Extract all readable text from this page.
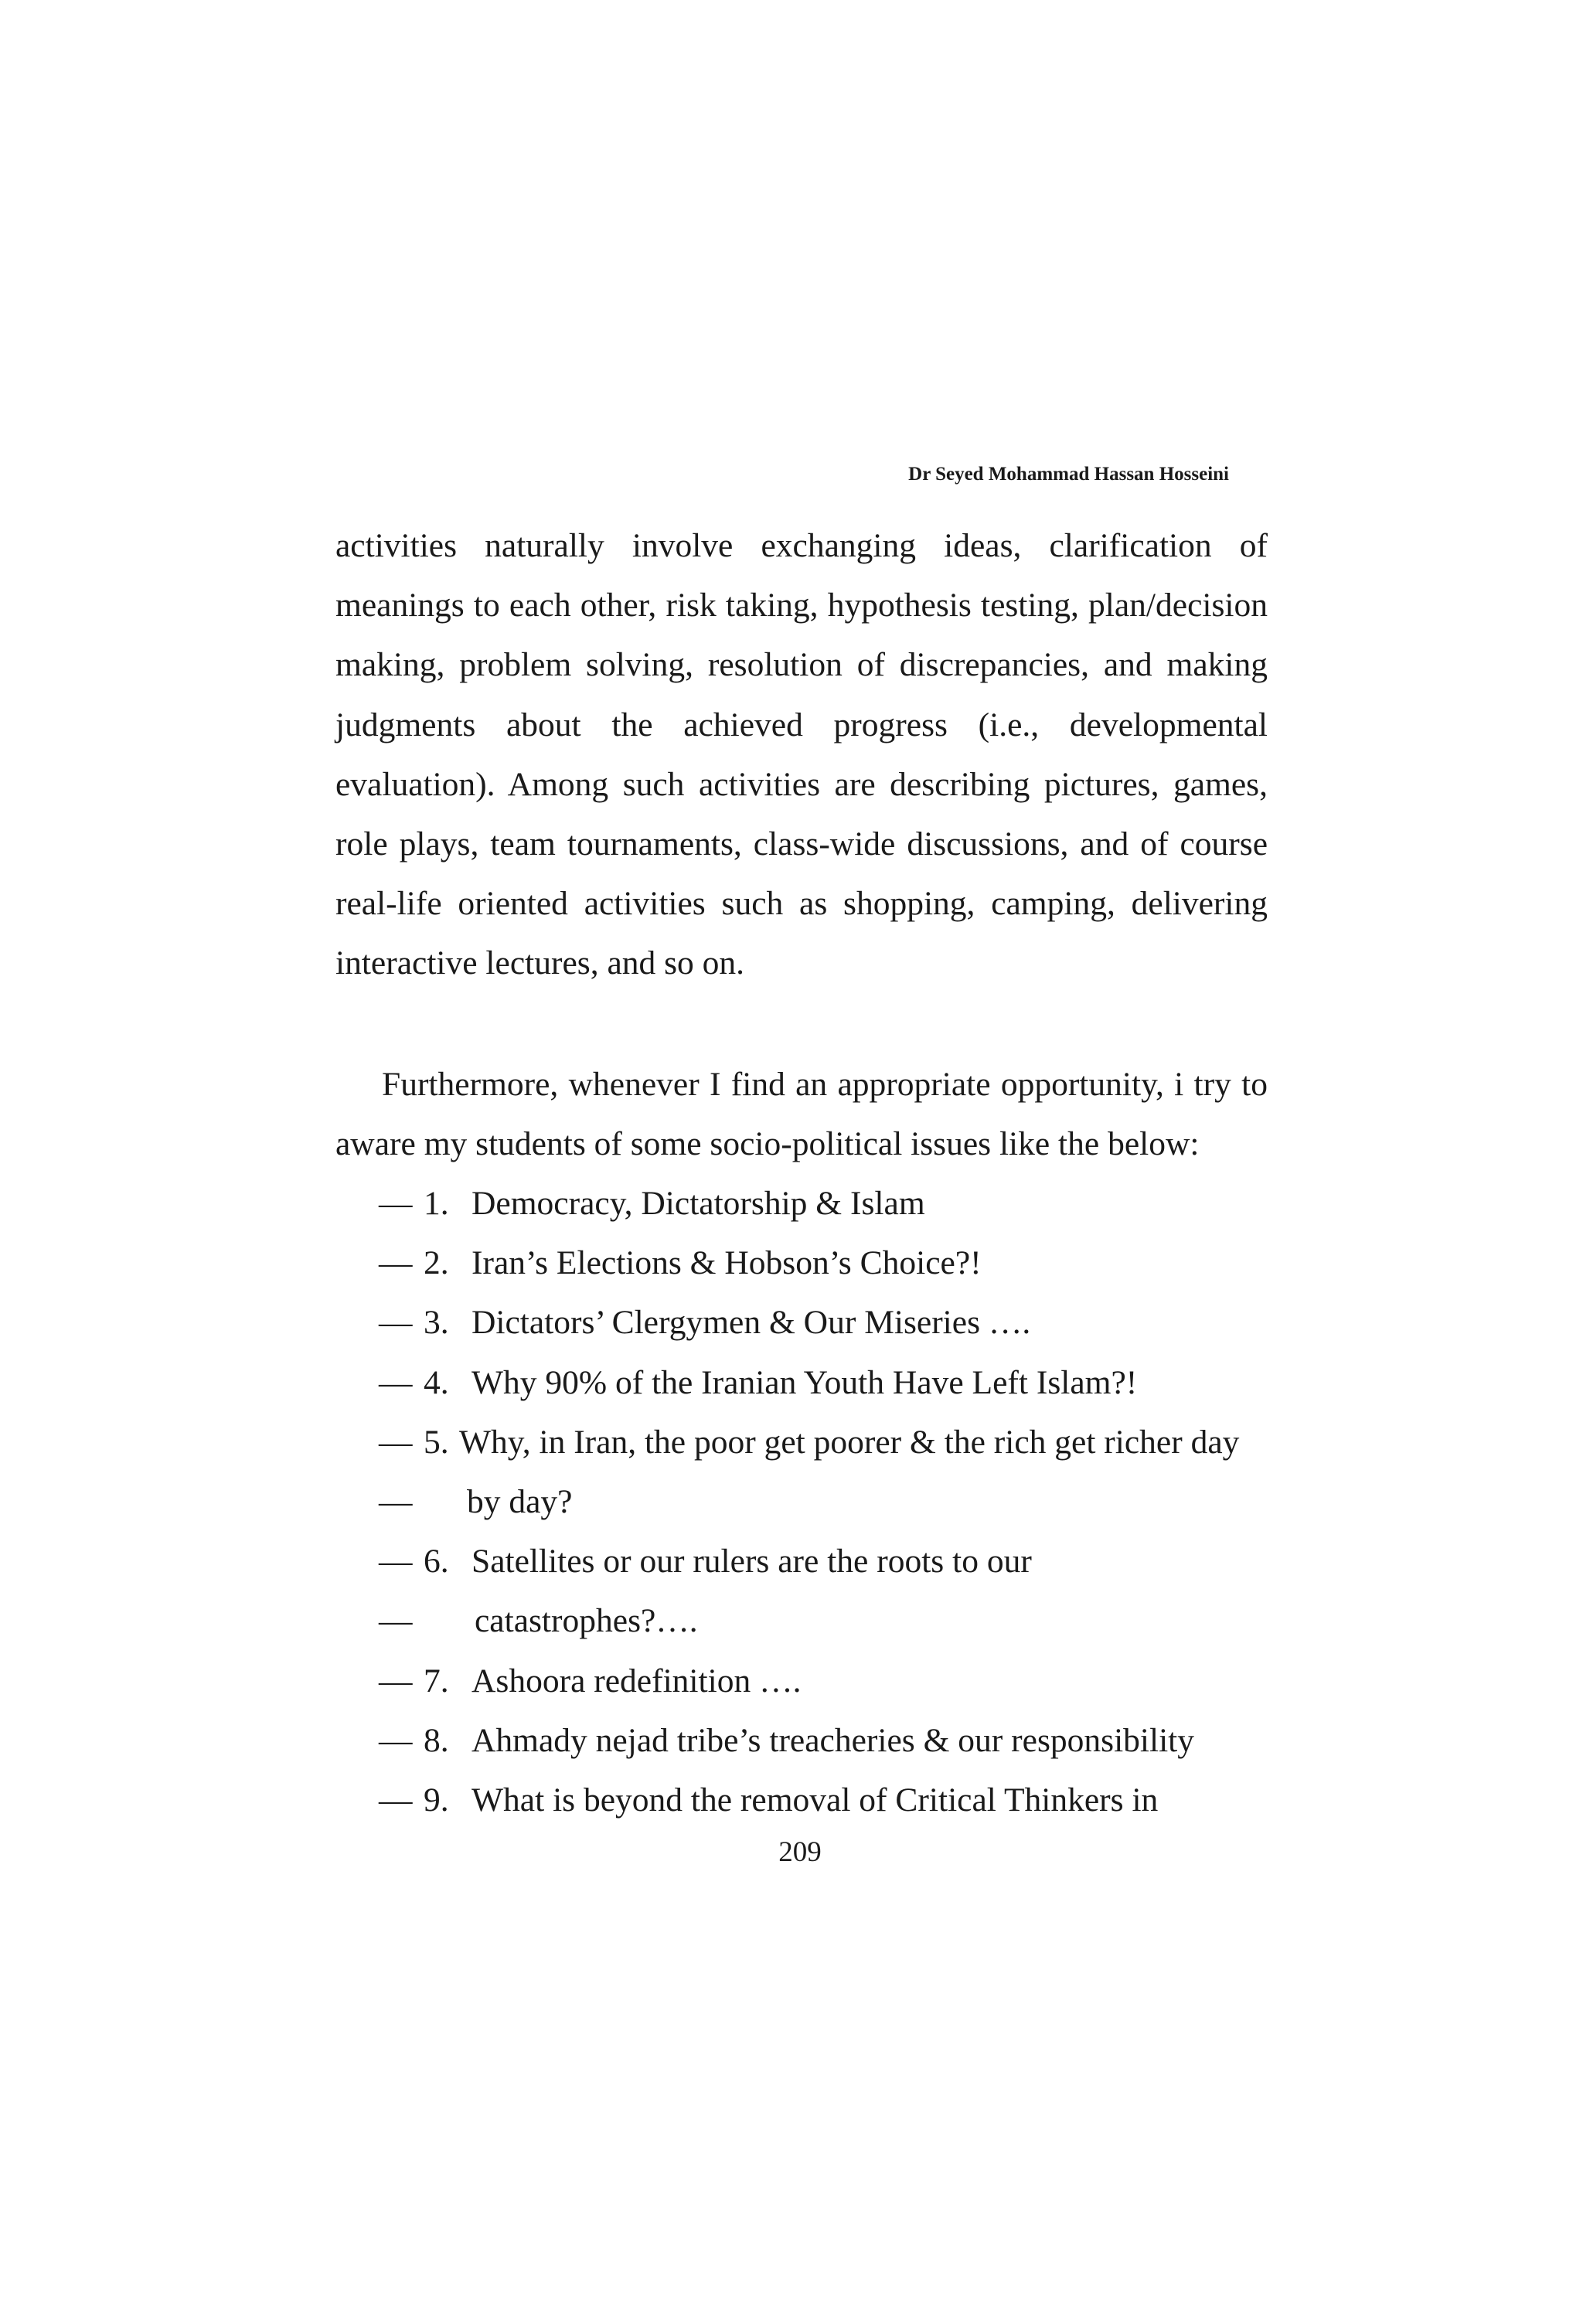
Dr Seyed Mohammad Hassan Hosseini

activities naturally involve exchanging ideas, clarification of meanings to each other, risk taking, hypothesis testing, plan/decision making, problem solving, resolution of discrepancies, and making judgments about the achieved progress (i.e., developmental evaluation). Among such activities are describing pictures, games, role plays, team tournaments, class-wide discussions, and of course real-life oriented activities such as shopping, camping, delivering interactive lectures, and so on.

Furthermore, whenever I find an appropriate opportunity, i try to aware my students of some socio-political issues like the below:

— 1. Democracy, Dictatorship & Islam
— 2. Iran’s Elections & Hobson’s Choice?!
— 3. Dictators’ Clergymen & Our Miseries ….
— 4. Why 90% of the Iranian Youth Have Left Islam?!
— 5. Why, in Iran, the poor get poorer & the rich get richer day
— by day?
— 6. Satellites or our rulers are the roots to our
— catastrophes?….
— 7. Ashoora redefinition ….
— 8. Ahmady nejad tribe’s treacheries & our responsibility
— 9. What is beyond the removal of Critical Thinkers in
209
